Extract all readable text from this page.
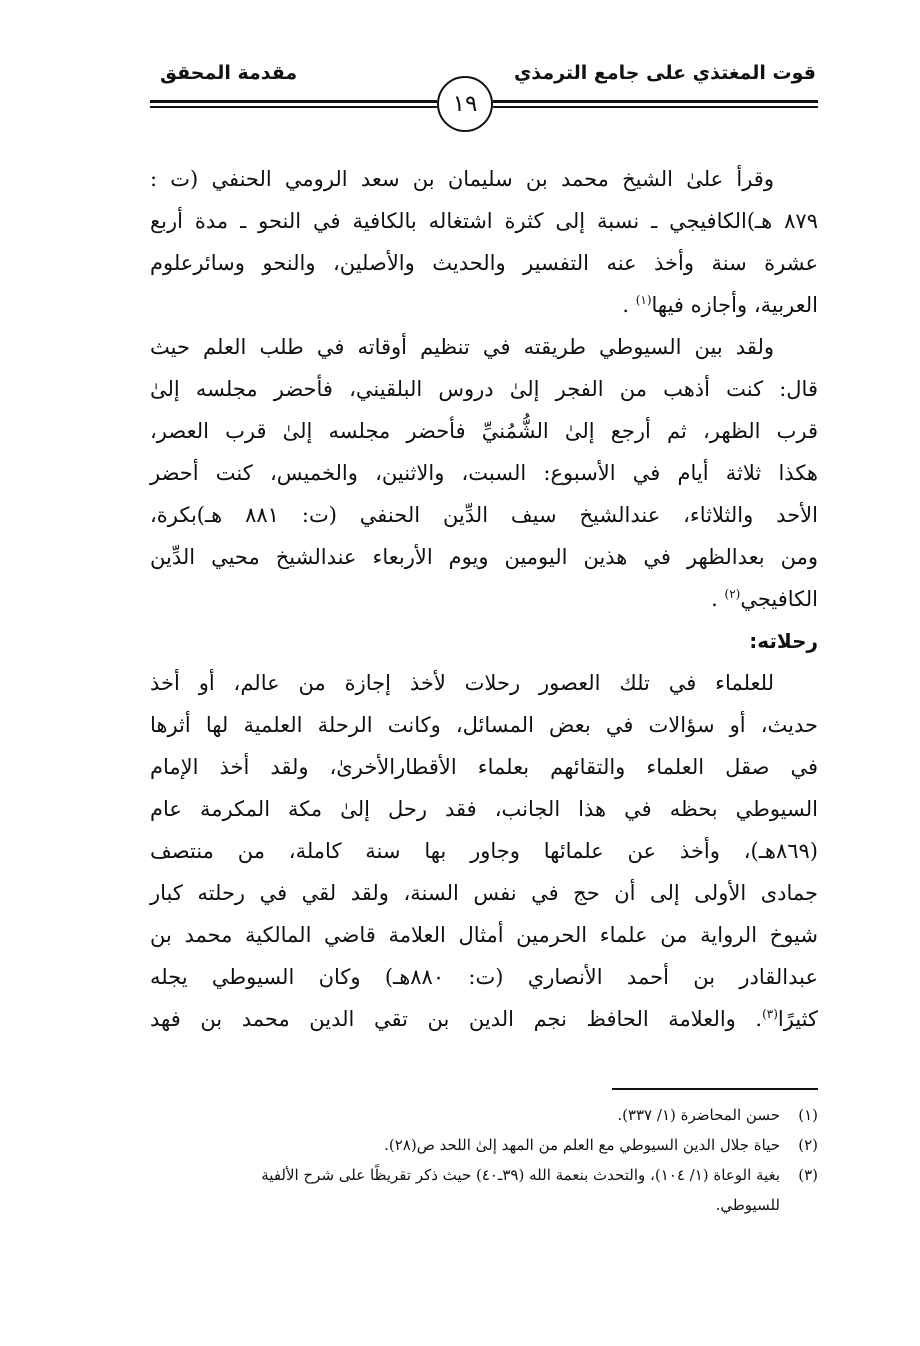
قوت المغتذي على جامع الترمذي
مقدمة المحقق
١٩
وقرأ علىٰ الشيخ محمد بن سليمان بن سعد الرومي الحنفي (ت :
٨٧٩ هـ)الكافيجي ـ نسبة إلى كثرة اشتغاله بالكافية في النحو ـ مدة أربع
عشرة سنة وأخذ عنه التفسير والحديث والأصلين، والنحو وسائرعلوم
العربية، وأجازه فيها$^{(١)}$ .
ولقد بين السيوطي طريقته في تنظيم أوقاته في طلب العلم حيث
قال: كنت أذهب من الفجر إلىٰ دروس البلقيني، فأحضر مجلسه إلىٰ
قرب الظهر، ثم أرجع إلىٰ الشُّمُنيِّ فأحضر مجلسه إلىٰ قرب العصر،
هكذا ثلاثة أيام في الأسبوع: السبت، والاثنين، والخميس، كنت أحضر
الأحد والثلاثاء، عندالشيخ سيف الدِّين الحنفي (ت: ٨٨١ هـ)بكرة،
ومن بعدالظهر في هذين اليومين ويوم الأربعاء عندالشيخ محيي الدِّين
الكافيجي$^{(٢)}$ .
رحلاته:
للعلماء في تلك العصور رحلات لأخذ إجازة من عالم، أو أخذ
حديث، أو سؤالات في بعض المسائل، وكانت الرحلة العلمية لها أثرها
في صقل العلماء والتقائهم بعلماء الأقطارالأخرىٰ، ولقد أخذ الإمام
السيوطي بحظه في هذا الجانب، فقد رحل إلىٰ مكة المكرمة عام
(٨٦٩هـ)، وأخذ عن علمائها وجاور بها سنة كاملة، من منتصف
جمادى الأولى إلى أن حج في نفس السنة، ولقد لقي في رحلته كبار
شيوخ الرواية من علماء الحرمين أمثال العلامة قاضي المالكية محمد بن
عبدالقادر بن أحمد الأنصاري (ت: ٨٨٠هـ) وكان السيوطي يجله
كثيرًا$^{(٣)}$. والعلامة الحافظ نجم الدين بن تقي الدين محمد بن فهد
(١)حسن المحاضرة (١/ ٣٣٧).
(٢)حياة جلال الدين السيوطي مع العلم من المهد إلىٰ اللحد ص(٢٨).
(٣)بغية الوعاة (١/ ١٠٤)، والتحدث بنعمة الله (٣٩ـ٤٠) حيث ذكر تقريظًا على شرح الألفية
للسيوطي.
